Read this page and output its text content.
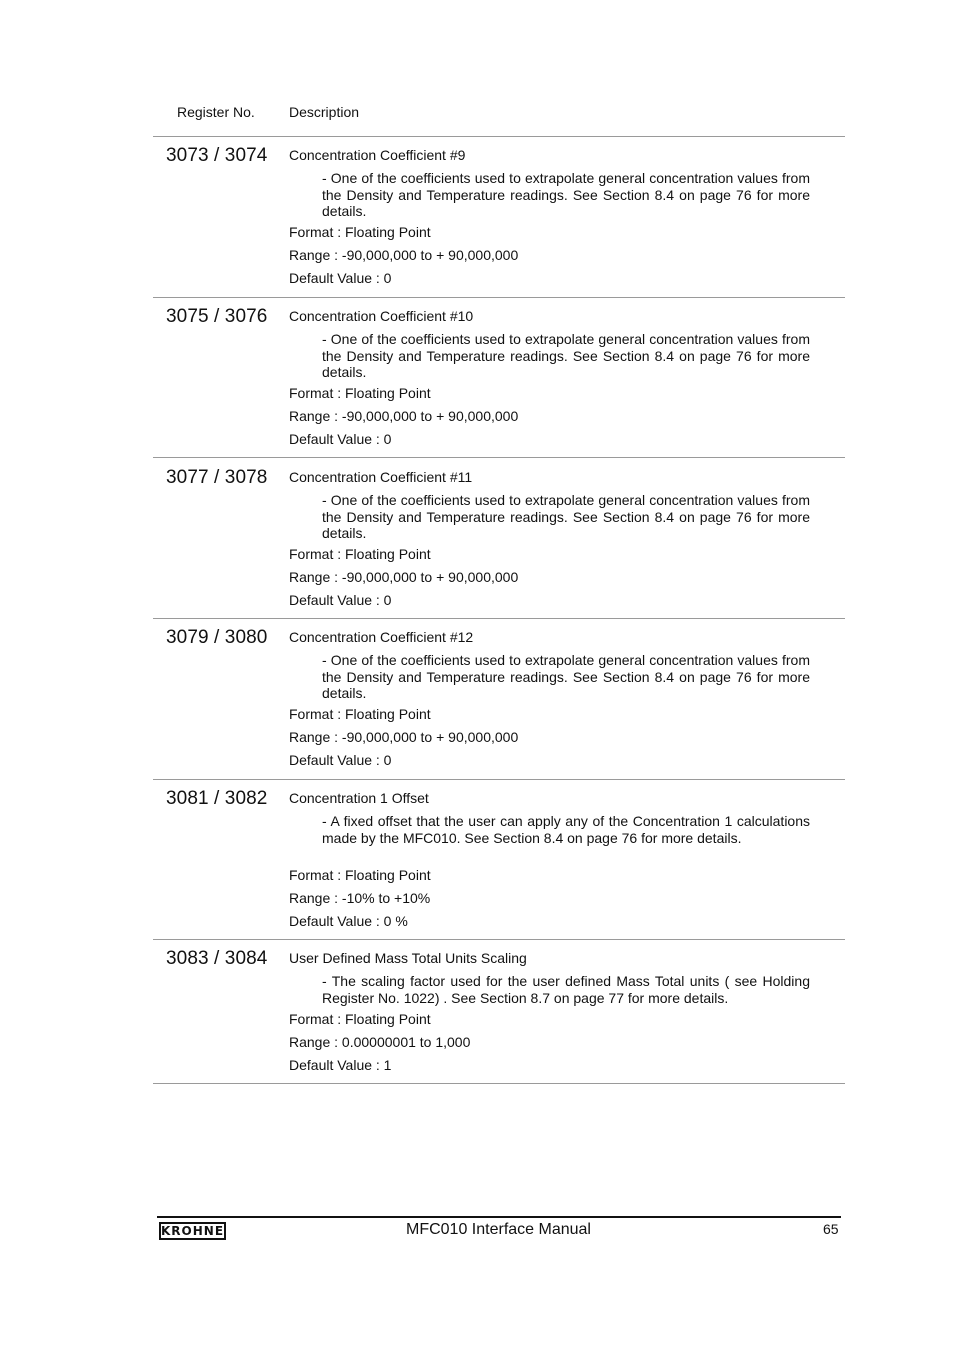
Register No. Description
3073 / 3074 Concentration Coefficient #9
- One of the coefficients used to extrapolate general concentration values from the Density and Temperature readings. See Section 8.4 on page 76 for more details.
Format : Floating Point
Range : -90,000,000 to + 90,000,000
Default Value : 0
3075 / 3076 Concentration Coefficient #10
- One of the coefficients used to extrapolate general concentration values from the Density and Temperature readings. See Section 8.4 on page 76 for more details.
Format : Floating Point
Range : -90,000,000 to + 90,000,000
Default Value : 0
3077 / 3078 Concentration Coefficient #11
- One of the coefficients used to extrapolate general concentration values from the Density and Temperature readings. See Section 8.4 on page 76 for more details.
Format : Floating Point
Range : -90,000,000 to + 90,000,000
Default Value : 0
3079 / 3080 Concentration Coefficient #12
- One of the coefficients used to extrapolate general concentration values from the Density and Temperature readings. See Section 8.4 on page 76 for more details.
Format : Floating Point
Range : -90,000,000 to + 90,000,000
Default Value : 0
3081 / 3082 Concentration 1 Offset
- A fixed offset that the user can apply any of the Concentration 1 calculations made by the MFC010. See Section 8.4 on page 76 for more details.
Format : Floating Point
Range : -10% to +10%
Default Value : 0 %
3083 / 3084 User Defined Mass Total Units Scaling
- The scaling factor used for the user defined Mass Total units ( see Holding Register No. 1022) . See Section 8.7 on page 77 for more details.
Format : Floating Point
Range : 0.00000001 to 1,000
Default Value : 1
KROHNE	MFC010 Interface Manual	65
